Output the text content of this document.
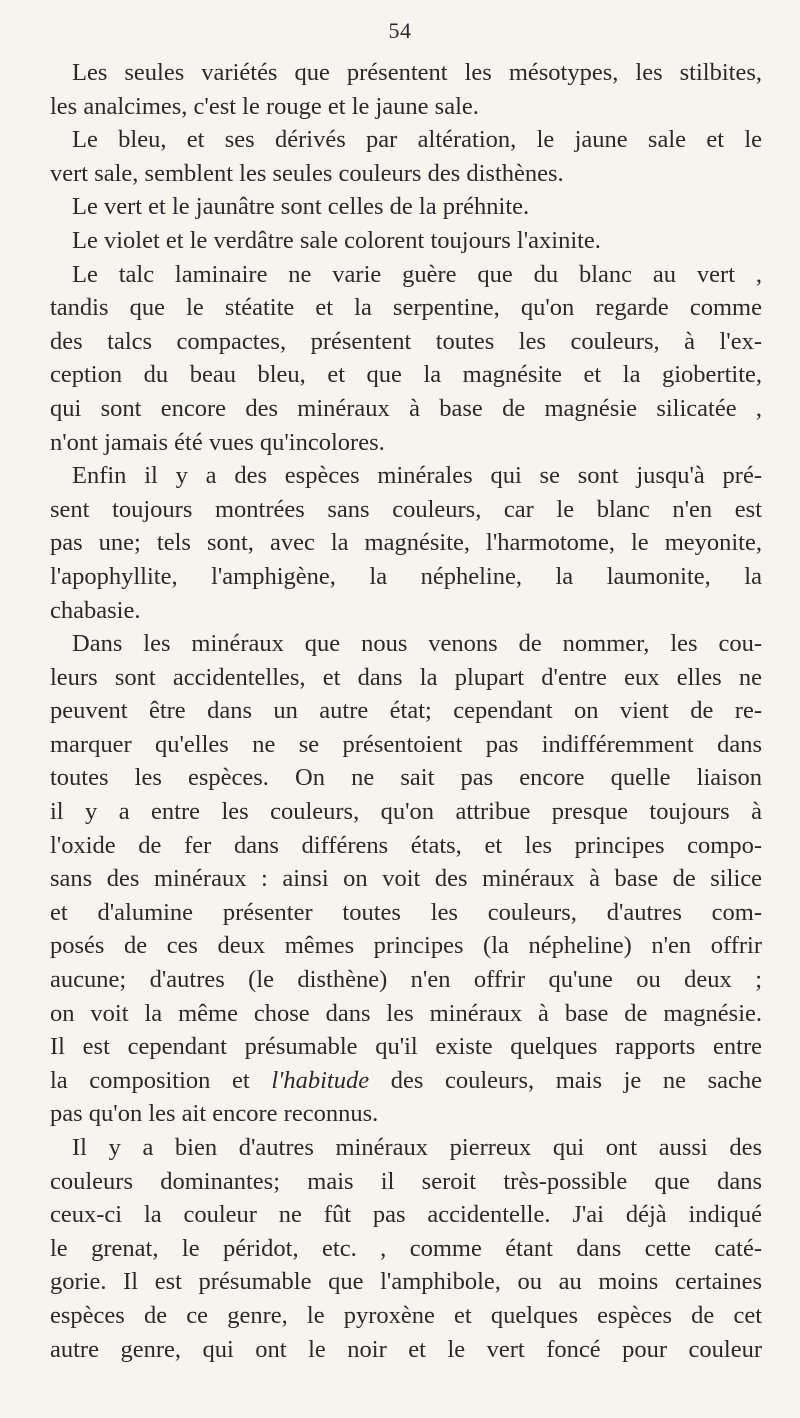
54
Les seules variétés que présentent les mésotypes, les stilbites,
les analcimes, c'est le rouge et le jaune sale.
Le bleu, et ses dérivés par altération, le jaune sale et le
vert sale, semblent les seules couleurs des disthènes.
Le vert et le jaunâtre sont celles de la préhnite.
Le violet et le verdâtre sale colorent toujours l'axinite.
Le talc laminaire ne varie guère que du blanc au vert ,
tandis que le stéatite et la serpentine, qu'on regarde comme
des talcs compactes, présentent toutes les couleurs, à l'ex-
ception du beau bleu, et que la magnésite et la giobertite,
qui sont encore des minéraux à base de magnésie silicatée ,
n'ont jamais été vues qu'incolores.
Enfin il y a des espèces minérales qui se sont jusqu'à pré-
sent toujours montrées sans couleurs, car le blanc n'en est
pas une; tels sont, avec la magnésite, l'harmotome, le meyonite,
l'apophyllite, l'amphigène, la népheline, la laumonite, la
chabasie.
Dans les minéraux que nous venons de nommer, les cou-
leurs sont accidentelles, et dans la plupart d'entre eux elles ne
peuvent être dans un autre état; cependant on vient de re-
marquer qu'elles ne se présentoient pas indifféremment dans
toutes les espèces. On ne sait pas encore quelle liaison
il y a entre les couleurs, qu'on attribue presque toujours à
l'oxide de fer dans différens états, et les principes compo-
sans des minéraux : ainsi on voit des minéraux à base de silice
et d'alumine présenter toutes les couleurs, d'autres com-
posés de ces deux mêmes principes (la népheline) n'en offrir
aucune; d'autres (le disthène) n'en offrir qu'une ou deux ;
on voit la même chose dans les minéraux à base de magnésie.
Il est cependant présumable qu'il existe quelques rapports entre
la composition et l'habitude des couleurs, mais je ne sache
pas qu'on les ait encore reconnus.
Il y a bien d'autres minéraux pierreux qui ont aussi des
couleurs dominantes; mais il seroit très-possible que dans
ceux-ci la couleur ne fût pas accidentelle. J'ai déjà indiqué
le grenat, le péridot, etc. , comme étant dans cette caté-
gorie. Il est présumable que l'amphibole, ou au moins certaines
espèces de ce genre, le pyroxène et quelques espèces de cet
autre genre, qui ont le noir et le vert foncé pour couleur
